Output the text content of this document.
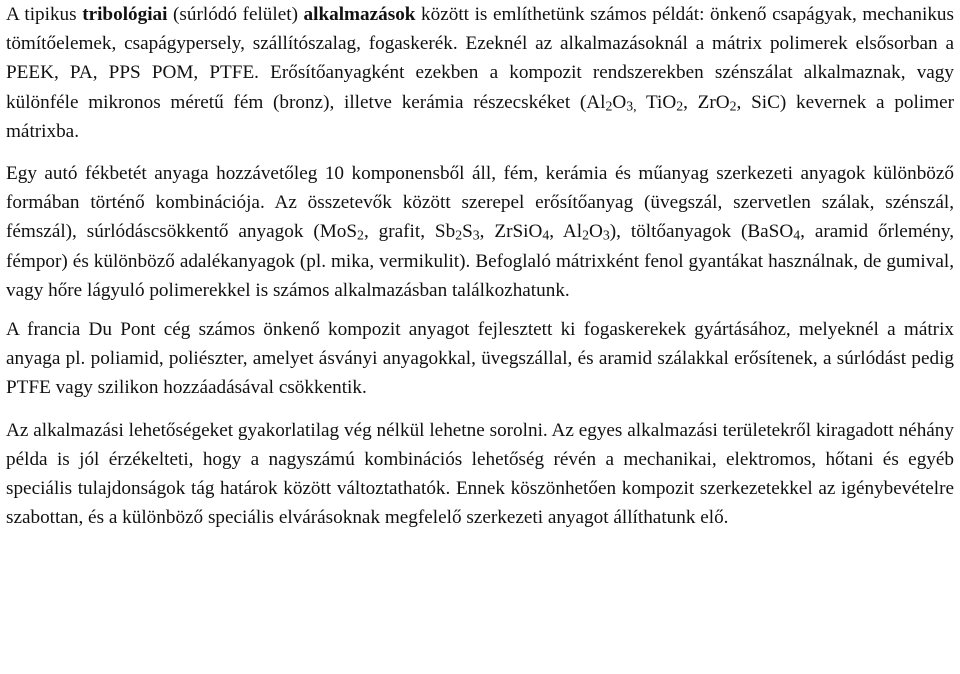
A tipikus tribológiai (súrlódó felület) alkalmazások között is említhetünk számos példát: önkenő csapágyak, mechanikus tömítőelemek, csapágypersely, szállítószalag, fogaskerék. Ezeknél az alkalmazásoknál a mátrix polimerek elsősorban a PEEK, PA, PPS POM, PTFE. Erősítőanyagként ezekben a kompozit rendszerekben szénszálat alkalmaznak, vagy különféle mikronos méretű fém (bronz), illetve kerámia részecskéket ($Al_2O_{3,}$ TiO$_2$, ZrO$_2$, SiC) kevernek a polimer mátrixba.

Egy autó fékbetét anyaga hozzávetőleg 10 komponensből áll, fém, kerámia és műanyag szerkezeti anyagok különböző formában történő kombinációja. Az összetevők között szerepel erősítőanyag (üvegszál, szervetlen szálak, szénszál, fémszál), súrlódáscsökkentő anyagok (MoS$_2$, grafit, $Sb_2S_3$, ZrSiO$_4$, $Al_2O_3$), töltőanyagok (BaSO$_4$, aramid őrlemény, fémpor) és különböző adalékanyagok (pl. mika, vermikulit). Befoglaló mátrixként fenol gyantákat használnak, de gumival, vagy hőre lágyuló polimerekkel is számos alkalmazásban találkozhatunk.

A francia Du Pont cég számos önkenő kompozit anyagot fejlesztett ki fogaskerekek gyártásához, melyeknél a mátrix anyaga pl. poliamid, poliészter, amelyet ásványi anyagokkal, üvegszállal, és aramid szálakkal erősítenek, a súrlódást pedig PTFE vagy szilikon hozzáadásával csökkentik.

Az alkalmazási lehetőségeket gyakorlatilag vég nélkül lehetne sorolni. Az egyes alkalmazási területekről kiragadott néhány példa is jól érzékelteti, hogy a nagyszámú kombinációs lehetőség révén a mechanikai, elektromos, hőtani és egyéb speciális tulajdonságok tág határok között változtathatók. Ennek köszönhetően kompozit szerkezetekkel az igénybevételre szabottan, és a különböző speciális elvárásoknak megfelelő szerkezeti anyagot állíthatunk elő.
